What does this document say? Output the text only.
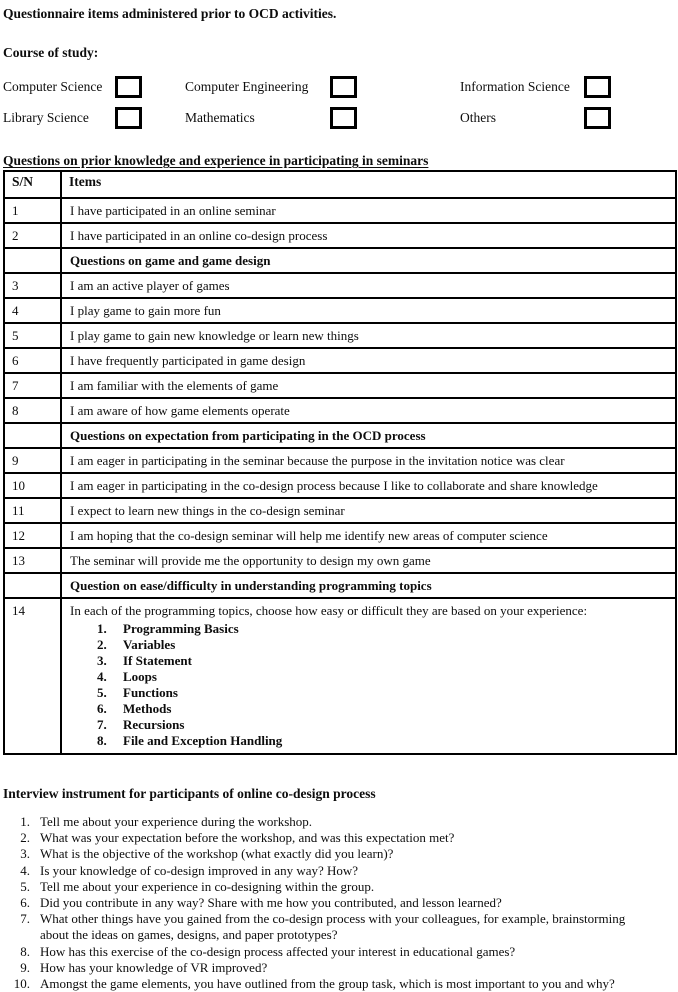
Questionnaire items administered prior to OCD activities.
Course of study:
Computer Science	Computer Engineering	Information Science
Library Science	Mathematics	Others
Questions on prior knowledge and experience in participating in seminars
S/N	Items
1	I have participated in an online seminar

2	I have participated in an online co-design process

	Questions on game and game design

3	I am an active player of games

4	I play game to gain more fun

5	I play game to gain new knowledge or learn new things

6	I have frequently participated in game design

7	I am familiar with the elements of game

8	I am aware of how game elements operate

	Questions on expectation from participating in the OCD process

9	I am eager in participating in the seminar because the purpose in the invitation notice was clear

10	I am eager in participating in the co-design process because I like to collaborate and share knowledge

11	I expect to learn new things in the co-design seminar

12	I am hoping that the co-design seminar will help me identify new areas of computer science

13	The seminar will provide me the opportunity to design my own game

	Question on ease/difficulty in understanding programming topics

14	In each of the programming topics, choose how easy or difficult they are based on your experience:
1.	Programming Basics
2.	Variables
3.	If Statement
4.	Loops
5.	Functions
6.	Methods
7.	Recursions
8.	File and Exception Handling
Interview instrument for participants of online co-design process
1. Tell me about your experience during the workshop.
2. What was your expectation before the workshop, and was this expectation met?
3. What is the objective of the workshop (what exactly did you learn)?
4. Is your knowledge of co-design improved in any way? How?
5. Tell me about your experience in co-designing within the group.
6. Did you contribute in any way? Share with me how you contributed, and lesson learned?
7. What other things have you gained from the co-design process with your colleagues, for example, brainstorming about the ideas on games, designs, and paper prototypes?
8. How has this exercise of the co-design process affected your interest in educational games?
9. How has your knowledge of VR improved?
10. Amongst the game elements, you have outlined from the group task, which is most important to you and why?
